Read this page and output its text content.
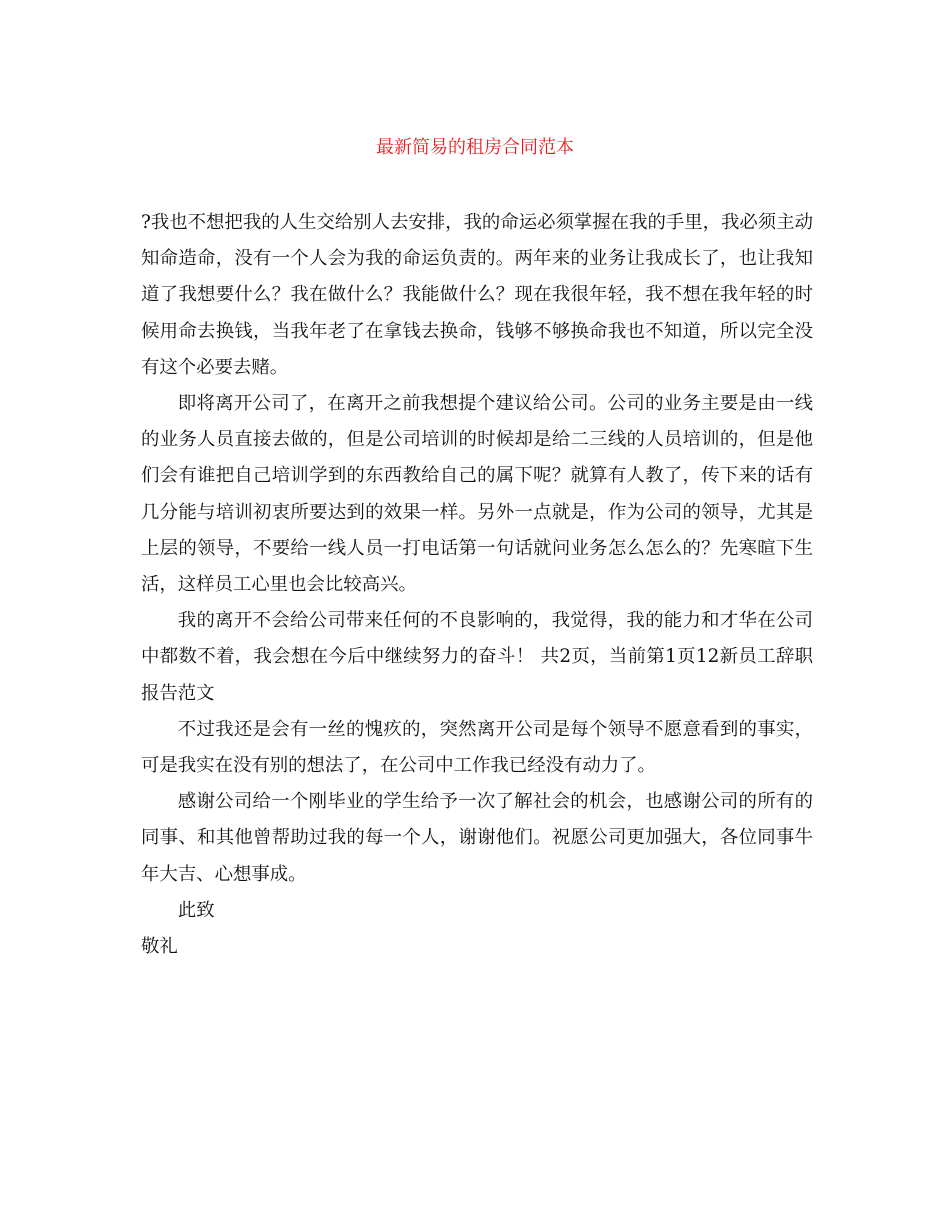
最新简易的租房合同范本

?我也不想把我的人生交给别人去安排，我的命运必须掌握在我的手里，我必须主动知命造命，没有一个人会为我的命运负责的。两年来的业务让我成长了，也让我知道了我想要什么？我在做什么？我能做什么？现在我很年轻，我不想在我年轻的时候用命去换钱，当我年老了在拿钱去换命，钱够不够换命我也不知道，所以完全没有这个必要去赌。

即将离开公司了，在离开之前我想提个建议给公司。公司的业务主要是由一线的业务人员直接去做的，但是公司培训的时候却是给二三线的人员培训的，但是他们会有谁把自己培训学到的东西教给自己的属下呢？就算有人教了，传下来的话有几分能与培训初衷所要达到的效果一样。另外一点就是，作为公司的领导，尤其是上层的领导，不要给一线人员一打电话第一句话就问业务怎么怎么的？先寒暄下生活，这样员工心里也会比较高兴。

我的离开不会给公司带来任何的不良影响的，我觉得，我的能力和才华在公司中都数不着，我会想在今后中继续努力的奋斗！ 共2页，当前第1页12新员工辞职报告范文

不过我还是会有一丝的愧疚的，突然离开公司是每个领导不愿意看到的事实，可是我实在没有别的想法了，在公司中工作我已经没有动力了。

感谢公司给一个刚毕业的学生给予一次了解社会的机会，也感谢公司的所有的同事、和其他曾帮助过我的每一个人，谢谢他们。祝愿公司更加强大，各位同事牛年大吉、心想事成。

此致

敬礼
